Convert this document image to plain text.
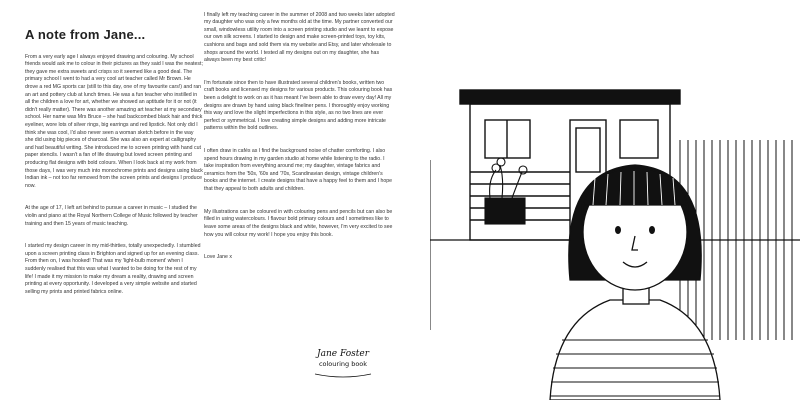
A note from Jane...

From a very early age I always enjoyed drawing and colouring. My school friends would ask me to colour in their pictures as they said I was the neatest; they gave me extra sweets and crisps so it seemed like a good deal. The primary school I went to had a very cool art teacher called Mr Brown. He drove a red MG sports car (still to this day, one of my favourite cars!) and ran an art and pottery club at lunch times. He was a fun teacher who instilled in all the children a love for art, whether we showed an aptitude for it or not (it didn't really matter). There was another amazing art teacher at my secondary school. Her name was Mrs Bruce – she had backcombed black hair and thick eyeliner, wore lots of silver rings, big earrings and red lipstick. Not only did I think she was cool, I'd also never seen a woman sketch before in the way she did using big pieces of charcoal. She was also an expert at calligraphy and had beautiful writing. She introduced me to screen printing with hand cut paper stencils. I wasn't a fan of life drawing but loved screen printing and producing flat designs with bold colours. When I look back at my work from those days, I was very much into monochrome prints and designs using black Indian ink – not too far removed from the screen prints and designs I produce now.

At the age of 17, I left art behind to pursue a career in music – I studied the violin and piano at the Royal Northern College of Music followed by teacher training and then 15 years of music teaching.

I started my design career in my mid-thirties, totally unexpectedly. I stumbled upon a screen printing class in Brighton and signed up for an evening class. From then on, I was hooked! That was my 'light-bulb moment' when I suddenly realised that this was what I wanted to be doing for the rest of my life! I made it my mission to make my dream a reality, drawing and screen printing at every opportunity. I developed a very simple website and started selling my prints and printed fabrics online.

I finally left my teaching career in the summer of 2008 and two weeks later adopted my daughter who was only a few months old at the time. My partner converted our small, windowless utility room into a screen printing studio and we learnt to expose our own silk screens. I started to design and make screen-printed toys, toy kits, cushions and bags and sold them via my website and Etsy, and later wholesale to shops around the world. I tested all my designs out on my daughter, she has always been my best critic!

I'm fortunate since then to have illustrated several children's books, written two craft books and licensed my designs for various products. This colouring book has been a delight to work on as it has meant I've been able to draw every day! All my designs are drawn by hand using black fineliner pens. I thoroughly enjoy working this way and love the slight imperfections in this style, as no two lines are ever perfect or symmetrical. I love creating simple designs and adding more intricate patterns within the bold outlines.

I often draw in cafés as I find the background noise of chatter comforting. I also spend hours drawing in my garden studio at home while listening to the radio. I take inspiration from everything around me; my daughter, vintage fabrics and ceramics from the '50s, '60s and '70s, Scandinavian design, vintage children's books and the internet. I create designs that have a happy feel to them and I hope that they appeal to both adults and children.

My illustrations can be coloured in with colouring pens and pencils but can also be filled in using watercolours. I flavour bold primary colours and I sometimes like to leave some areas of the designs black and white, however, I'm very excited to see how you will colour my work! I hope you enjoy this book.

Love Jane x

Jane Foster
colouring book
